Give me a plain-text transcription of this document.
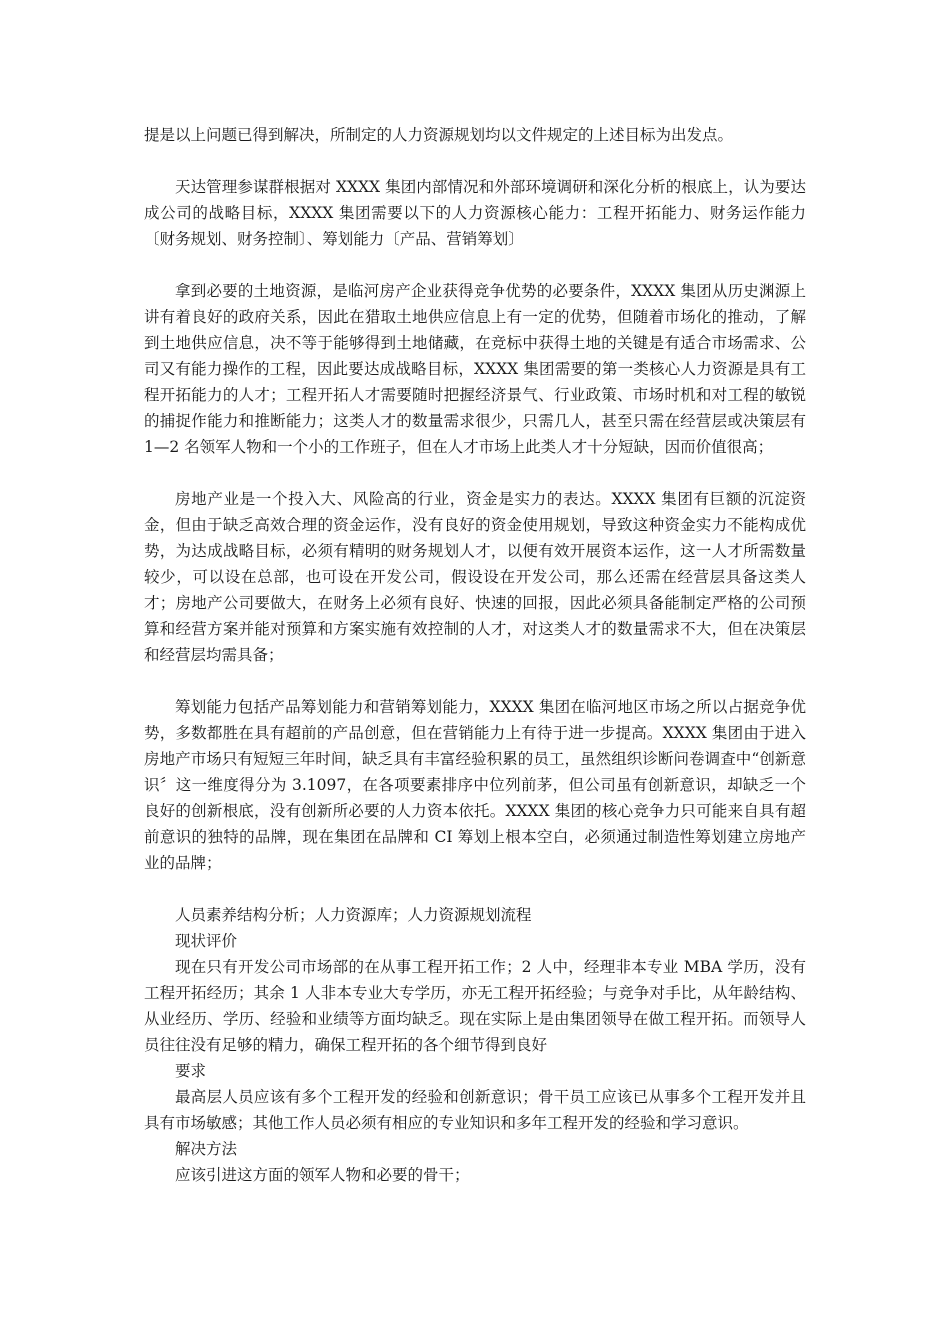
提是以上问题已得到解决，所制定的人力资源规划均以文件规定的上述目标为出发点。

天达管理参谋群根据对 XXXX 集团内部情况和外部环境调研和深化分析的根底上，认为要达成公司的战略目标，XXXX 集团需要以下的人力资源核心能力：工程开拓能力、财务运作能力〔财务规划、财务控制〕、筹划能力〔产品、营销筹划〕

拿到必要的土地资源，是临河房产企业获得竞争优势的必要条件，XXXX 集团从历史渊源上讲有着良好的政府关系，因此在猎取土地供应信息上有一定的优势，但随着市场化的推动，了解到土地供应信息，决不等于能够得到土地储藏，在竞标中获得土地的关键是有适合市场需求、公司又有能力操作的工程，因此要达成战略目标，XXXX 集团需要的第一类核心人力资源是具有工程开拓能力的人才；工程开拓人才需要随时把握经济景气、行业政策、市场时机和对工程的敏锐的捕捉作能力和推断能力；这类人才的数量需求很少，只需几人，甚至只需在经营层或决策层有 1—2 名领军人物和一个小的工作班子，但在人才市场上此类人才十分短缺，因而价值很高；

房地产业是一个投入大、风险高的行业，资金是实力的表达。XXXX 集团有巨额的沉淀资金，但由于缺乏高效合理的资金运作，没有良好的资金使用规划，导致这种资金实力不能构成优势，为达成战略目标，必须有精明的财务规划人才，以便有效开展资本运作，这一人才所需数量较少，可以设在总部，也可设在开发公司，假设设在开发公司，那么还需在经营层具备这类人才；房地产公司要做大，在财务上必须有良好、快速的回报，因此必须具备能制定严格的公司预算和经营方案并能对预算和方案实施有效控制的人才，对这类人才的数量需求不大，但在决策层和经营层均需具备；

筹划能力包括产品筹划能力和营销筹划能力，XXXX 集团在临河地区市场之所以占据竞争优势，多数都胜在具有超前的产品创意，但在营销能力上有待于进一步提高。XXXX 集团由于进入房地产市场只有短短三年时间，缺乏具有丰富经验积累的员工，虽然组织诊断问卷调查中“创新意识〞这一维度得分为 3.1097，在各项要素排序中位列前茅，但公司虽有创新意识，却缺乏一个良好的创新根底，没有创新所必要的人力资本依托。XXXX 集团的核心竞争力只可能来自具有超前意识的独特的品牌，现在集团在品牌和 CI 筹划上根本空白，必须通过制造性筹划建立房地产业的品牌；

人员素养结构分析；人力资源库；人力资源规划流程

现状评价

现在只有开发公司市场部的在从事工程开拓工作；2 人中，经理非本专业 MBA 学历，没有工程开拓经历；其余 1 人非本专业大专学历，亦无工程开拓经验；与竞争对手比，从年龄结构、从业经历、学历、经验和业绩等方面均缺乏。现在实际上是由集团领导在做工程开拓。而领导人员往往没有足够的精力，确保工程开拓的各个细节得到良好

要求

最高层人员应该有多个工程开发的经验和创新意识；骨干员工应该已从事多个工程开发并且具有市场敏感；其他工作人员必须有相应的专业知识和多年工程开发的经验和学习意识。

解决方法

应该引进这方面的领军人物和必要的骨干；
